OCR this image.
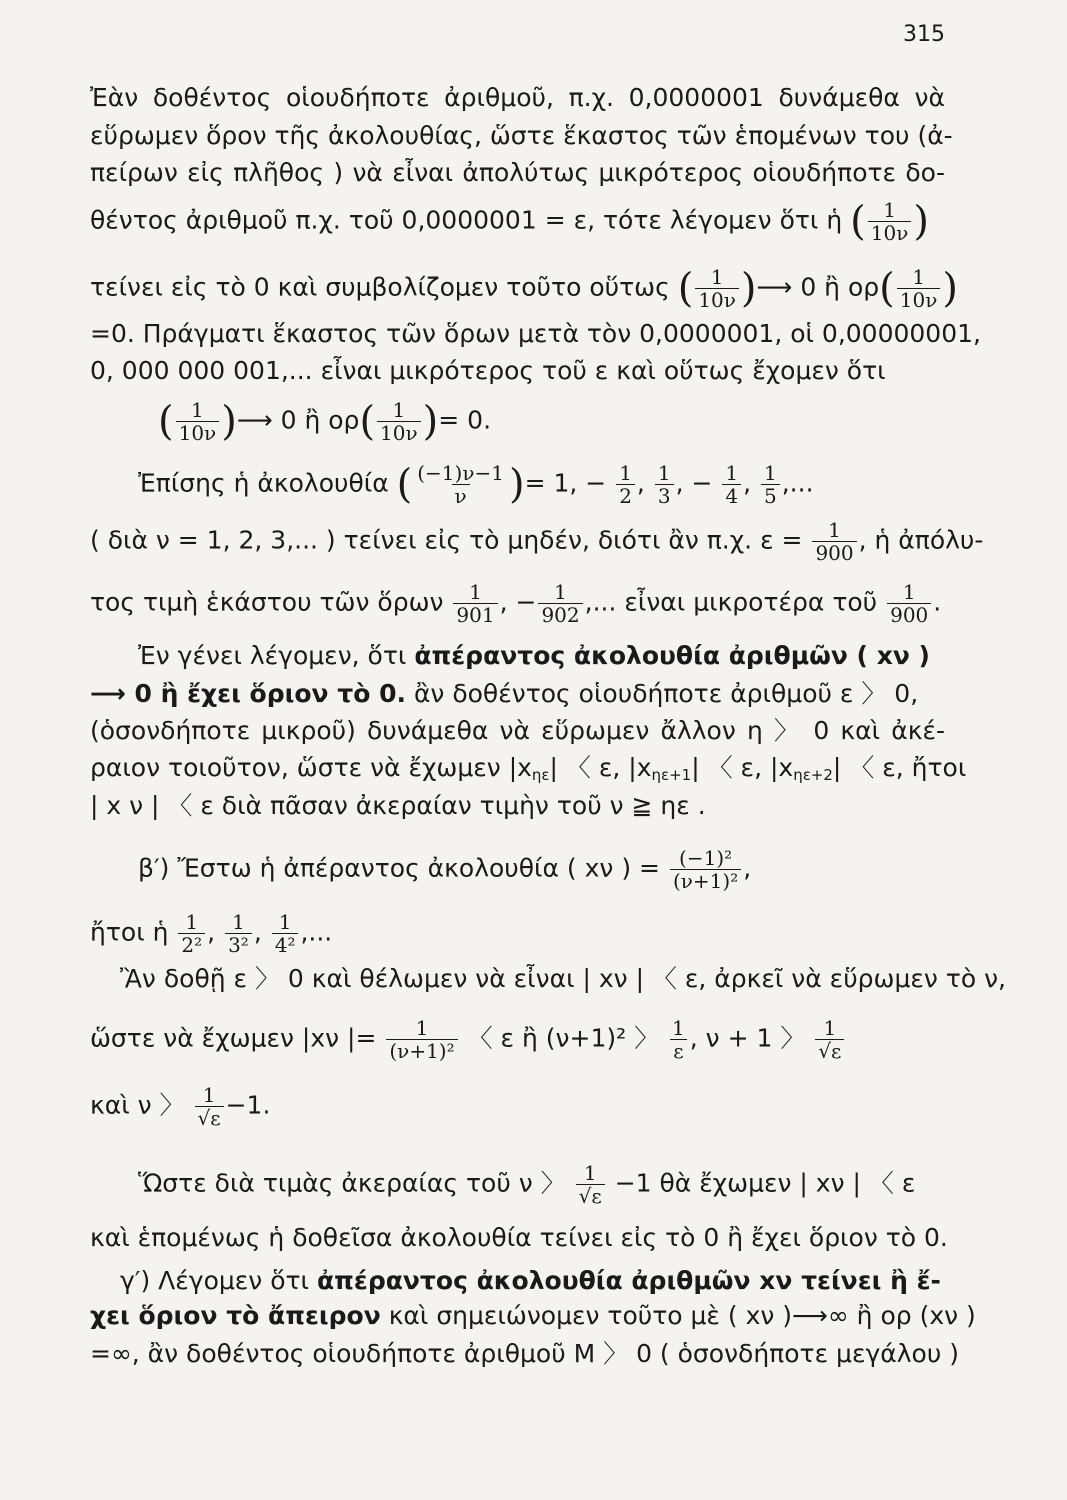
315
Ἐὰν δοθέντος οἱουδήποτε ἀριθμοῦ, π.χ. 0,0000001 δυνάμεθα νὰ
εὕρωμεν ὅρον τῆς ἀκολουθίας, ὥστε ἕκαστος τῶν ἑπομένων του (ἀ-
πείρων εἰς πλῆθος ) νὰ εἶναι ἀπολύτως μικρότερος οἱουδήποτε δο-
θέντος ἀριθμοῦ π.χ. τοῦ 0,0000001 = ε, τότε λέγομεν ὅτι ἡ ( $\frac{1}{10\nu}$ )
τείνει εἰς τὸ 0 καὶ συμβολίζομεν τοῦτο οὕτως ( $\frac{1}{10\nu}$ )⟶ 0 ἢ $o\rho( \frac{1}{10\nu}$ )
=0. Πράγματι ἕκαστος τῶν ὅρων μετὰ τὸν 0,0000001, οἱ 0,00000001,
0, 000 000 001,... εἶναι μικρότερος τοῦ ε καὶ οὕτως ἔχομεν ὅτι
( $\frac{1}{10\nu}$ )⟶ 0 ἢ $o\rho( \frac{1}{10\nu}$ )= 0.
Ἐπίσης ἡ ἀκολουθία ( $\frac{(-1)\nu-1}{\nu}$ )= 1, − $\frac{1}{2}$ , $\frac{1}{3}$ , − $\frac{1}{4}$ , $\frac{1}{5}$ ,...
( διὰ ν = 1, 2, 3,... ) τείνει εἰς τὸ μηδέν, διότι ἂν π.χ. $\varepsilon = \frac{1}{900}$ , ἡ ἀπόλυ-
τος τιμὴ ἑκάστου τῶν ὅρων $\frac{1}{901}$ , − $\frac{1}{902}$ ,... εἶναι μικροτέρα τοῦ $\frac{1}{900}$ .
Ἐν γένει λέγομεν, ὅτι ἀπέραντος ἀκολουθία ἀριθμῶν ( xν )
⟶ 0 ἢ ἔχει ὅριον τὸ 0. ἂν δοθέντος οἱουδήποτε ἀριθμοῦ ε 〉 0,
(ὁσονδήποτε μικροῦ) δυνάμεθα νὰ εὕρωμεν ἄλλον η 〉 0 καὶ ἀκέ-
ραιον τοιοῦτον, ὥστε νὰ ἔχωμεν $|x_{\eta\varepsilon}|$ 〈 ε, $|x_{\eta\varepsilon+1}|$ 〈 ε, $|x_{\eta\varepsilon+2}|$ 〈 ε, ἤτοι
| x ν | 〈 ε διὰ πᾶσαν ἀκεραίαν τιμὴν τοῦ ν ≧ ηε .
β′) Ἔστω ἡ ἀπέραντος ἀκολουθία ( xν ) = $\frac{\text{(−1)²}}{\text{(ν+1)²}}$ ,
ἤτοι ἡ $\frac{1}{\text{2²}}$ , $\frac{1}{\text{3²}}$ , $\frac{1}{\text{4²}}$ ,...
Ἂν δοθῇ ε 〉 0 καὶ θέλωμεν νὰ εἶναι | xν | 〈 ε, ἀρκεῖ νὰ εὕρωμεν τὸ ν,
ὥστε νὰ ἔχωμεν |xν |= $\frac{1}{\text{(ν+1)²}}$ 〈 ε ἢ (ν+1)² 〉 $\frac{1}{\varepsilon}$ , ν + 1 〉 $\frac{1}{√\varepsilon}$
καὶ ν 〉 $\frac{1}{√\varepsilon} -1$.
Ὥστε διὰ τιμὰς ἀκεραίας τοῦ ν 〉 $\frac{1}{√\varepsilon} -1$ θὰ ἔχωμεν | xν | 〈 ε
καὶ ἑπομένως ἡ δοθεῖσα ἀκολουθία τείνει εἰς τὸ 0 ἢ ἔχει ὅριον τὸ 0.
γ′) Λέγομεν ὅτι ἀπέραντος ἀκολουθία ἀριθμῶν xν τείνει ἢ ἔ-
χει ὅριον τὸ ἄπειρον καὶ σημειώνομεν τοῦτο μὲ ( xν )⟶∞ ἢ ορ (xν )
=∞, ἂν δοθέντος οἱουδήποτε ἀριθμοῦ Μ 〉 0 ( ὁσονδήποτε μεγάλου )
